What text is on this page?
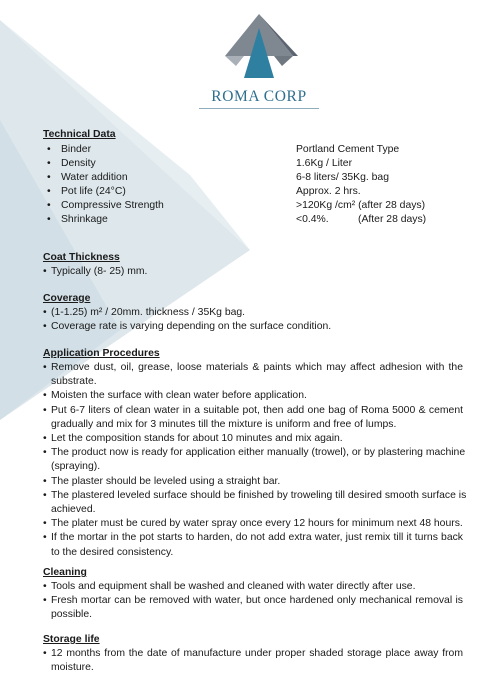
ROMA CORP
Technical Data
• Binder
• Density
• Water addition
• Pot life (24°C)
• Compressive Strength
• Shrinkage
Portland Cement Type
1.6Kg / Liter
6-8 liters/ 35Kg. bag
Approx. 2 hrs.
>120Kg /cm² (after 28 days)
<0.4%.	(After 28 days)
Coat Thickness
• Typically (8- 25) mm.
Coverage
• (1-1.25) m² / 20mm. thickness / 35Kg bag.
• Coverage rate is varying depending on the surface condition.
Application Procedures
• Remove dust, oil, grease, loose materials & paints which may affect adhesion with the
substrate.
• Moisten the surface with clean water before application.
• Put 6-7 liters of clean water in a suitable pot, then add one bag of Roma 5000 & cement
gradually and mix for 3 minutes till the mixture is uniform and free of lumps.
• Let the composition stands for about 10 minutes and mix again.
• The product now is ready for application either manually (trowel), or by plastering machine
(spraying).
• The plaster should be leveled using a straight bar.
• The plastered leveled surface should be finished by troweling till desired smooth surface is
achieved.
• The plater must be cured by water spray once every 12 hours for minimum next 48 hours.
• If the mortar in the pot starts to harden, do not add extra water, just remix till it turns back
to the desired consistency.
Cleaning
• Tools and equipment shall be washed and cleaned with water directly after use.
• Fresh mortar can be removed with water, but once hardened only mechanical removal is
possible.
Storage life
• 12 months from the date of manufacture under proper shaded storage place away from
moisture.
